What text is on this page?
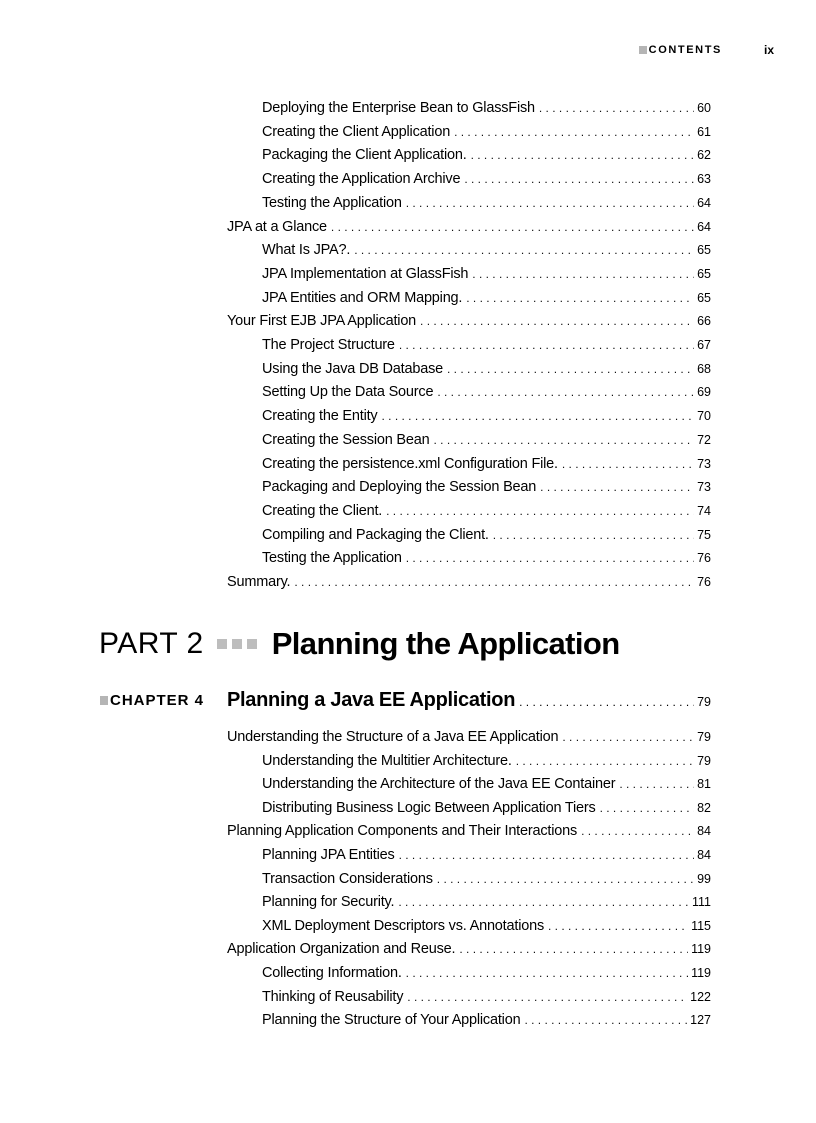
CONTENTS	ix
Deploying the Enterprise Bean to GlassFish . . .	60
Creating the Client Application . . .	61
Packaging the Client Application. . . .	62
Creating the Application Archive . . .	63
Testing the Application . . .	64
JPA at a Glance . . .	64
What Is JPA?. . . .	65
JPA Implementation at GlassFish . . .	65
JPA Entities and ORM Mapping. . . .	65
Your First EJB JPA Application . . .	66
The Project Structure . . .	67
Using the Java DB Database . . .	68
Setting Up the Data Source . . .	69
Creating the Entity . . .	70
Creating the Session Bean . . .	72
Creating the persistence.xml Configuration File. . . .	73
Packaging and Deploying the Session Bean . . .	73
Creating the Client. . . .	74
Compiling and Packaging the Client. . . .	75
Testing the Application . . .	76
Summary. . . .	76
PART 2 Planning the Application
CHAPTER 4 Planning a Java EE Application . . .	79
Understanding the Structure of a Java EE Application . . .	79
Understanding the Multitier Architecture. . . .	79
Understanding the Architecture of the Java EE Container . . .	81
Distributing Business Logic Between Application Tiers . . .	82
Planning Application Components and Their Interactions . . .	84
Planning JPA Entities . . .	84
Transaction Considerations . . .	99
Planning for Security. . . .	111
XML Deployment Descriptors vs. Annotations . . .	115
Application Organization and Reuse. . . .	119
Collecting Information. . . .	119
Thinking of Reusability . . .	122
Planning the Structure of Your Application . . .	127
